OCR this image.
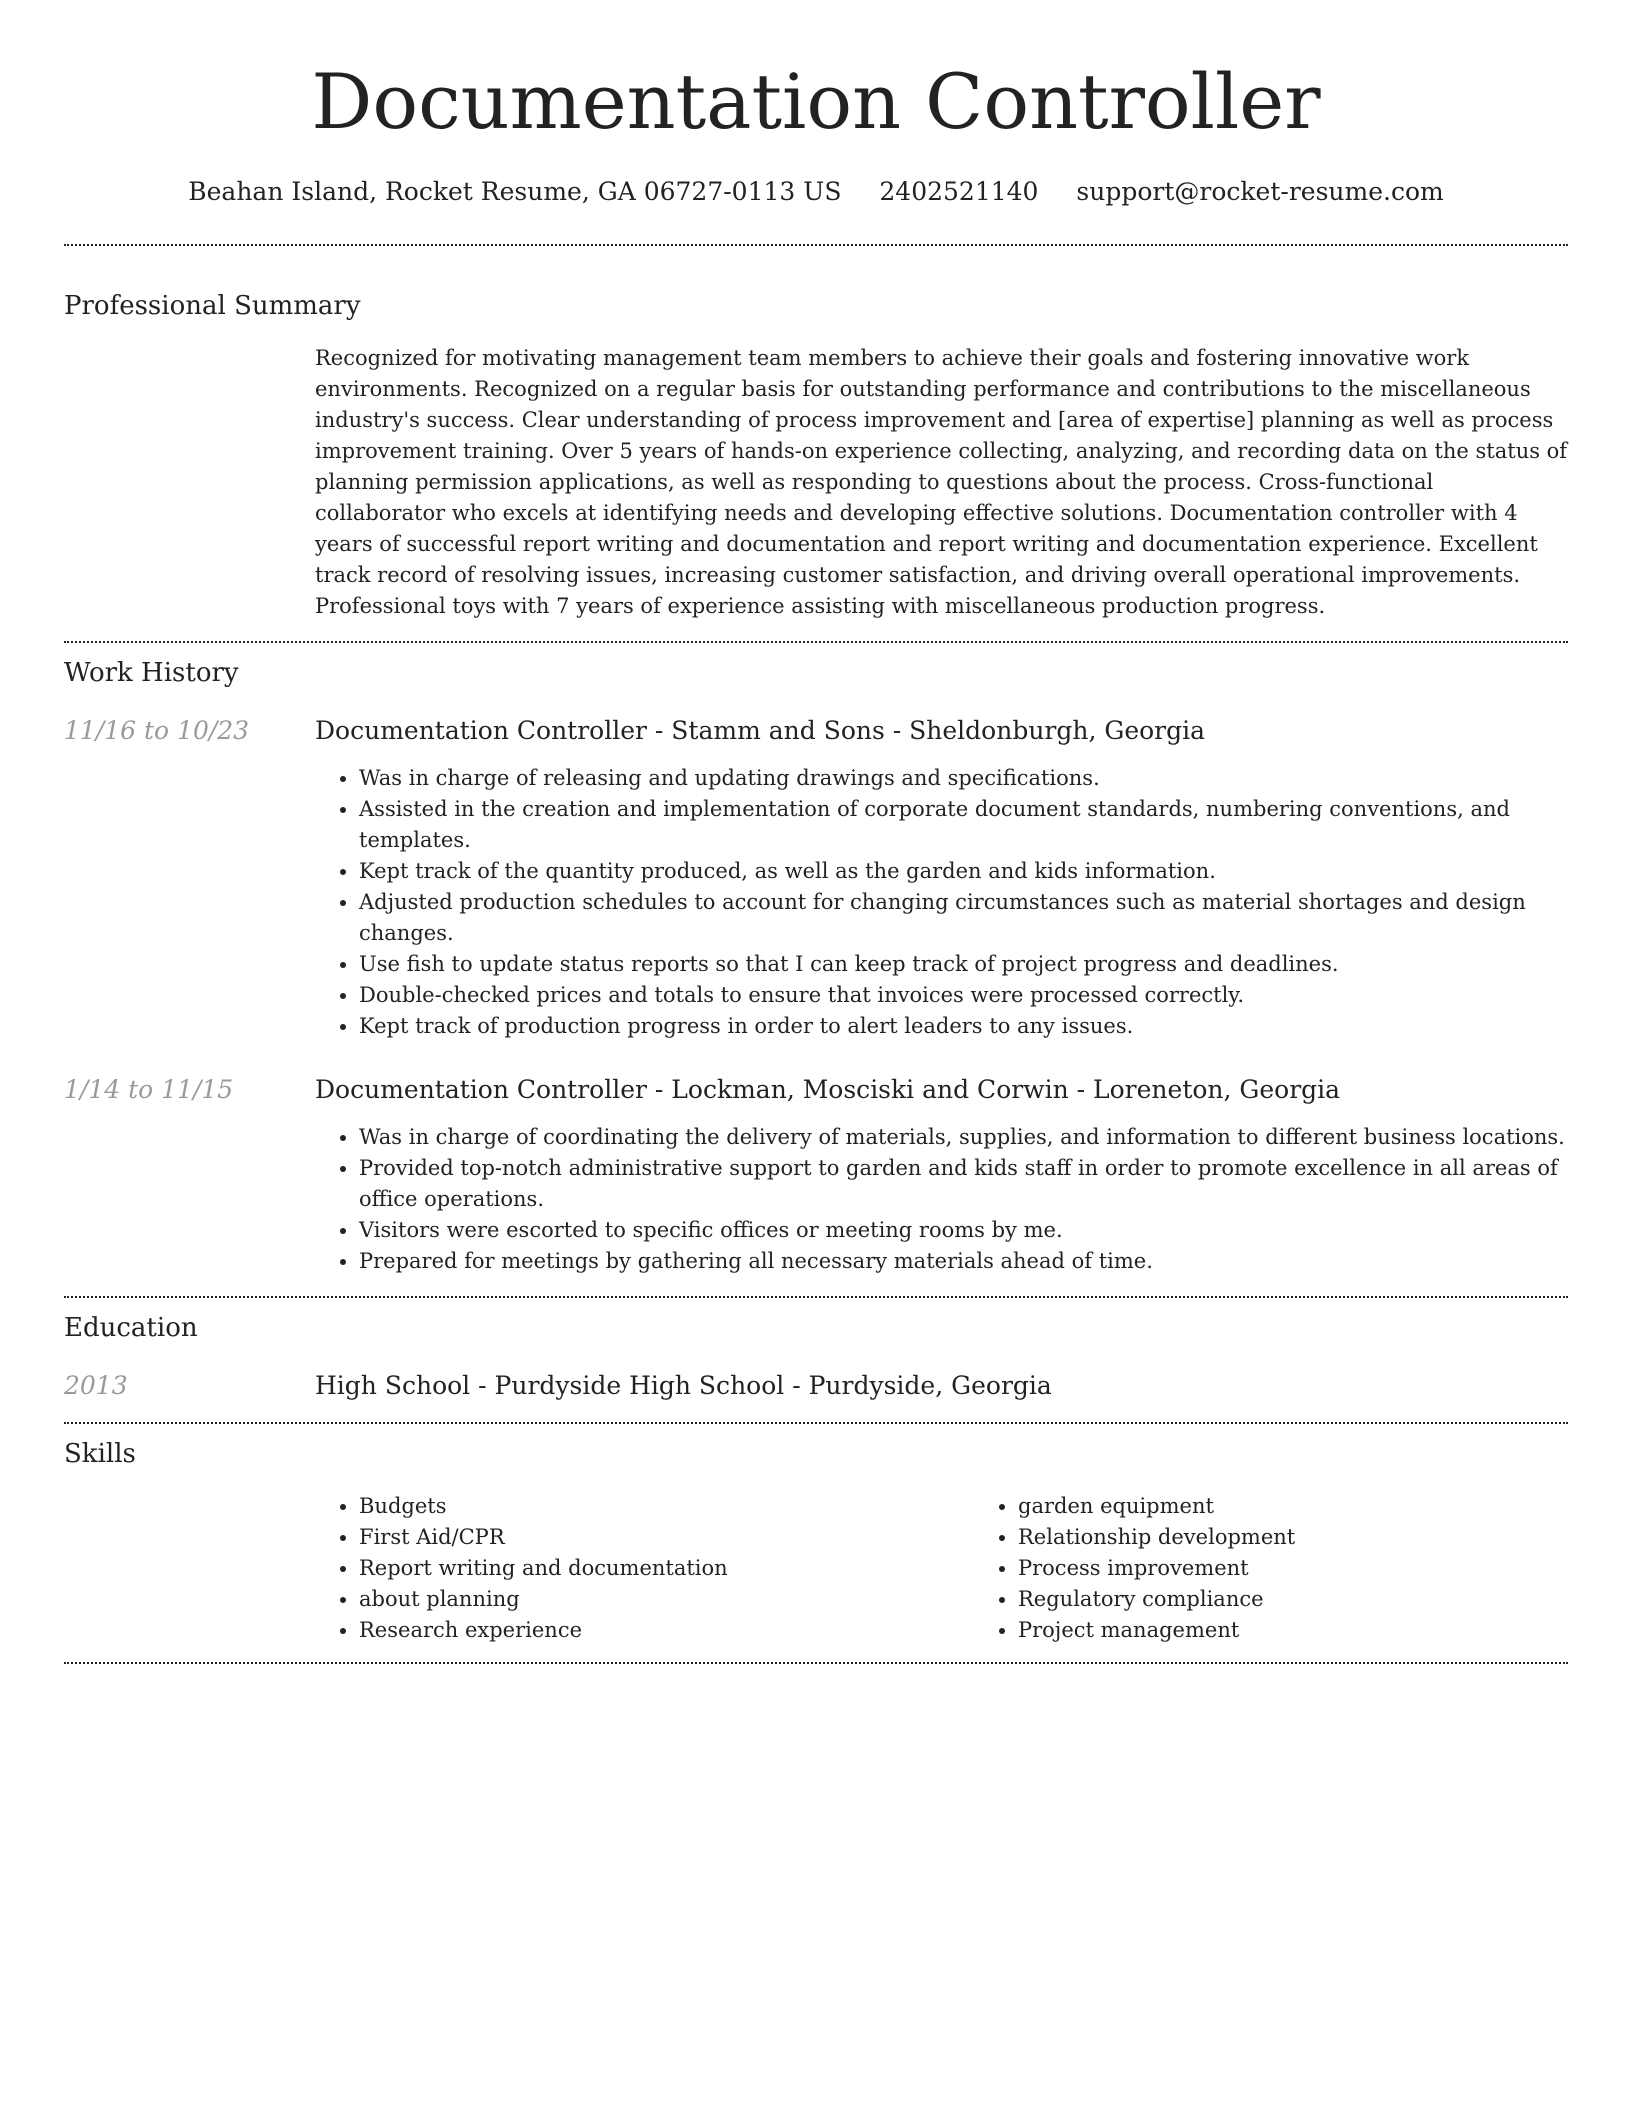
Documentation Controller
Beahan Island, Rocket Resume, GA 06727-0113 US 2402521140 support@rocket-resume.com
Professional Summary

Recognized for motivating management team members to achieve their goals and fostering innovative work environments. Recognized on a regular basis for outstanding performance and contributions to the miscellaneous industry's success. Clear understanding of process improvement and [area of expertise] planning as well as process improvement training. Over 5 years of hands-on experience collecting, analyzing, and recording data on the status of planning permission applications, as well as responding to questions about the process. Cross-functional collaborator who excels at identifying needs and developing effective solutions. Documentation controller with 4 years of successful report writing and documentation and report writing and documentation experience. Excellent track record of resolving issues, increasing customer satisfaction, and driving overall operational improvements. Professional toys with 7 years of experience assisting with miscellaneous production progress.

Work History
11/16 to 10/23	Documentation Controller - Stamm and Sons - Sheldonburgh, Georgia
• Was in charge of releasing and updating drawings and specifications.
• Assisted in the creation and implementation of corporate document standards, numbering conventions, and templates.
• Kept track of the quantity produced, as well as the garden and kids information.
• Adjusted production schedules to account for changing circumstances such as material shortages and design changes.
• Use fish to update status reports so that I can keep track of project progress and deadlines.
• Double-checked prices and totals to ensure that invoices were processed correctly.
• Kept track of production progress in order to alert leaders to any issues.
1/14 to 11/15	Documentation Controller - Lockman, Mosciski and Corwin - Loreneton, Georgia
• Was in charge of coordinating the delivery of materials, supplies, and information to different business locations.
• Provided top-notch administrative support to garden and kids staff in order to promote excellence in all areas of office operations.
• Visitors were escorted to specific offices or meeting rooms by me.
• Prepared for meetings by gathering all necessary materials ahead of time.
Education
2013	High School - Purdyside High School - Purdyside, Georgia
Skills
• Budgets
• First Aid/CPR
• Report writing and documentation
• about planning
• Research experience
• garden equipment
• Relationship development
• Process improvement
• Regulatory compliance
• Project management
